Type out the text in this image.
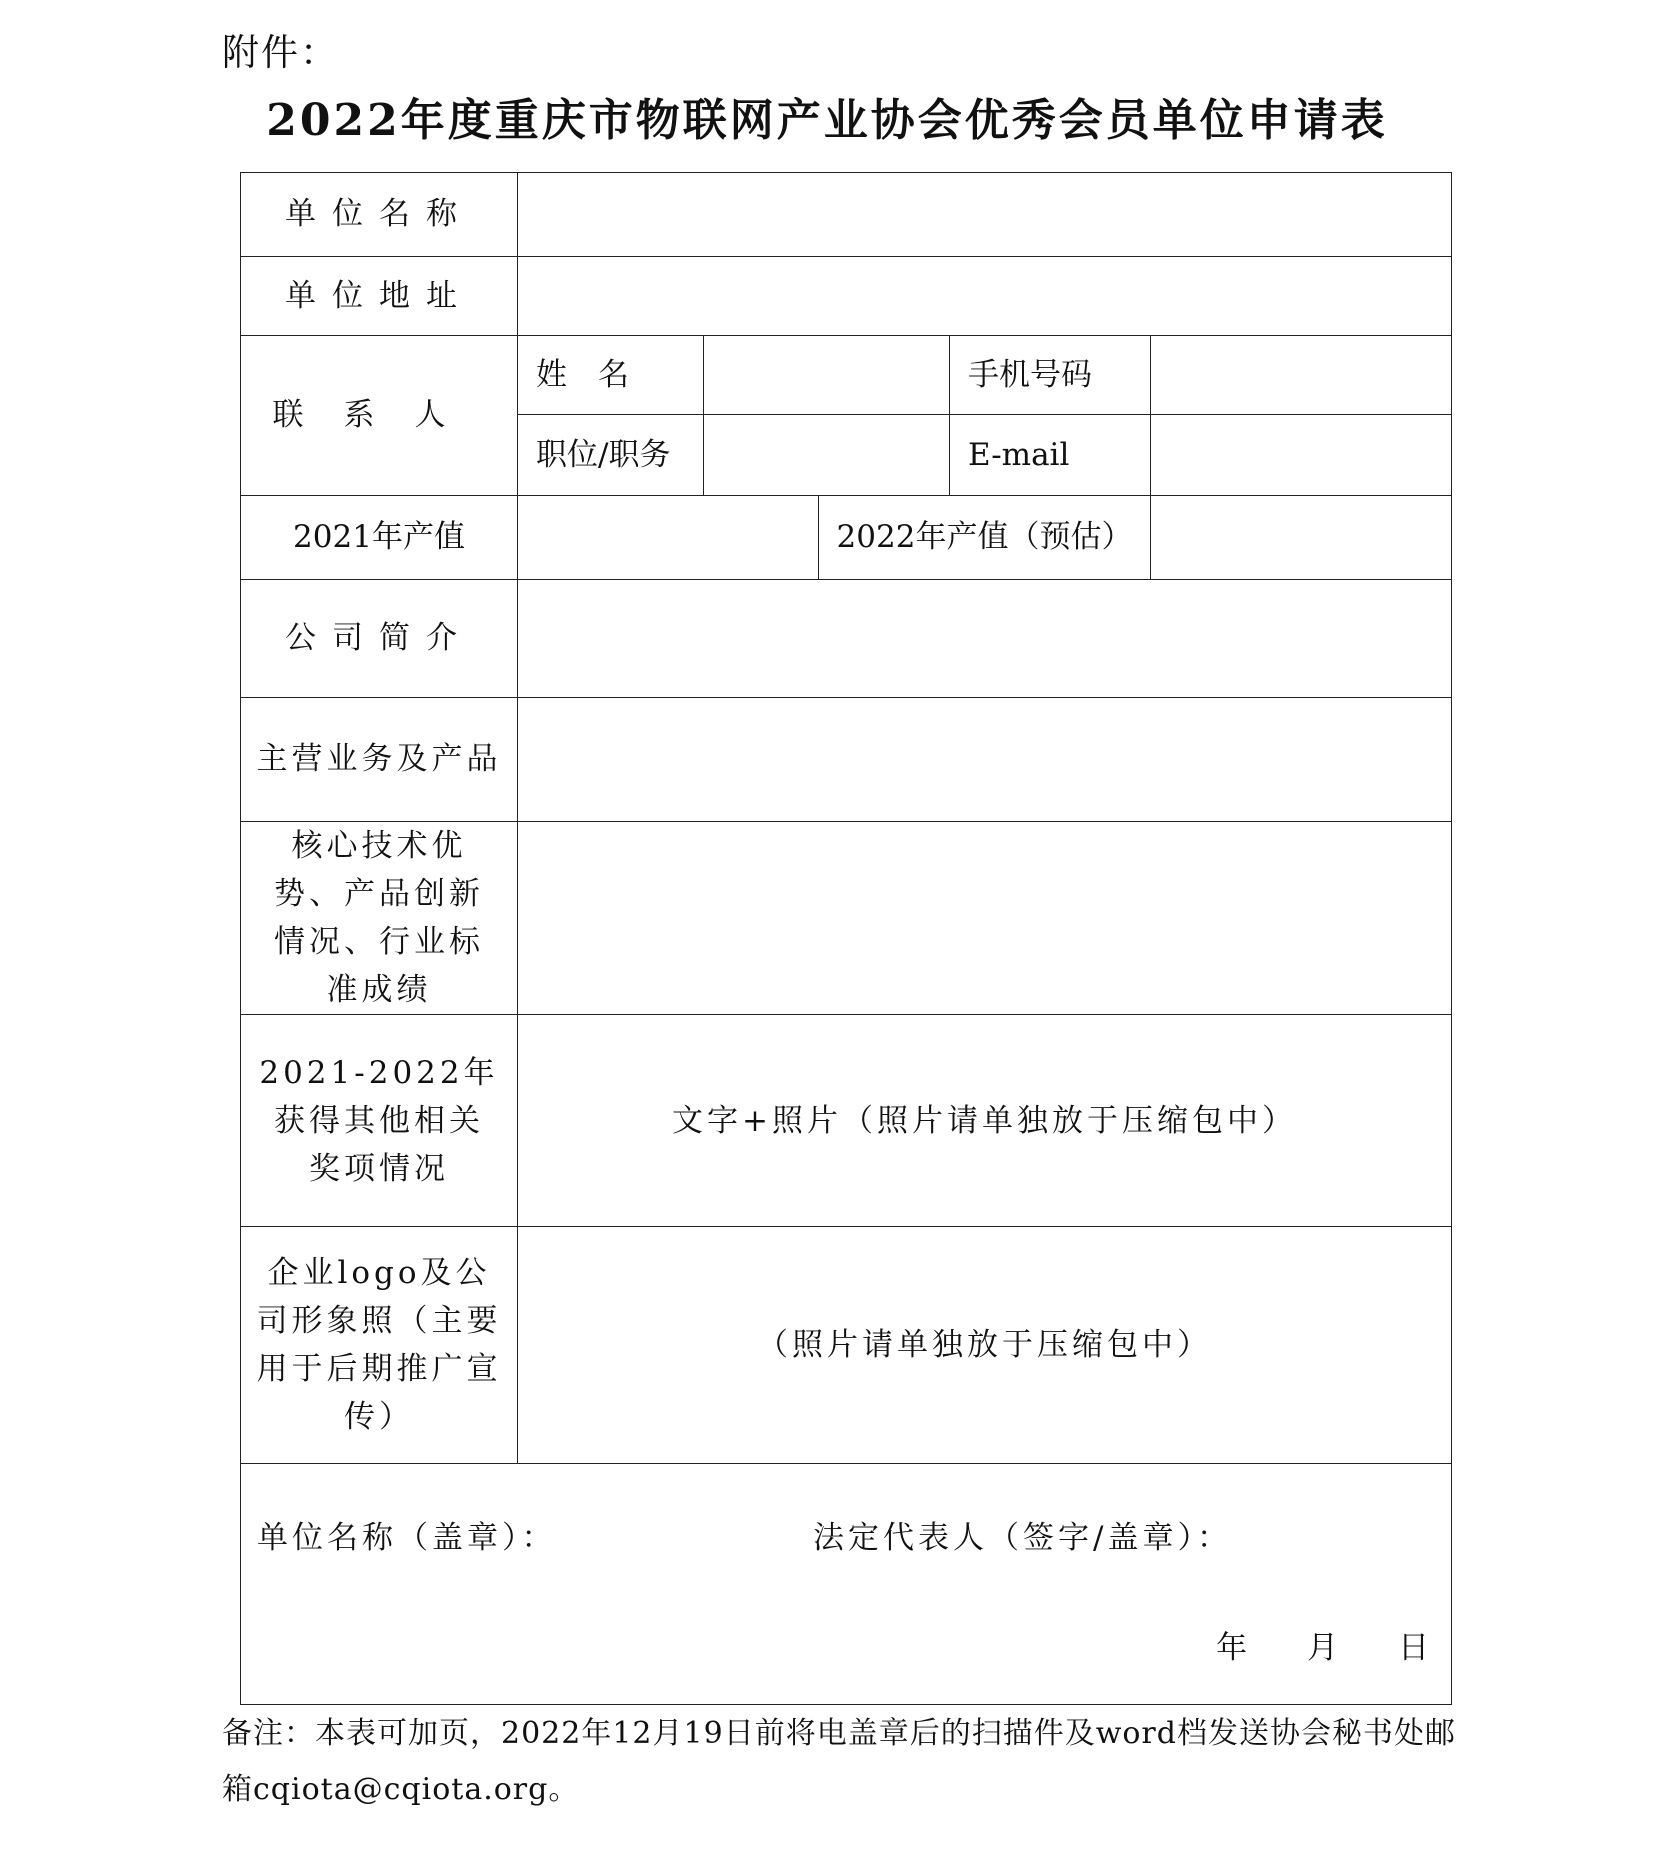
附件：
2022年度重庆市物联网产业协会优秀会员单位申请表
单位名称					
单位地址					
联系人	姓　名			手机号码	
	职位/职务			E-mail	
2021年产值			2022年产值（预估）		
公司简介					
主营业务及产品					
核心技术优势、产品创新情况、行业标准成绩					
2021-2022年获得其他相关奖项情况	文字+照片（照片请单独放于压缩包中）				
企业logo及公司形象照（主要用于后期推广宣传）	（照片请单独放于压缩包中）				

单位名称（盖章）： 法定代表人（签字/盖章）：
年 月 日					
备注：本表可加页，2022年12月19日前将电盖章后的扫描件及word档发送协会秘书处邮箱cqiota@cqiota.org。
